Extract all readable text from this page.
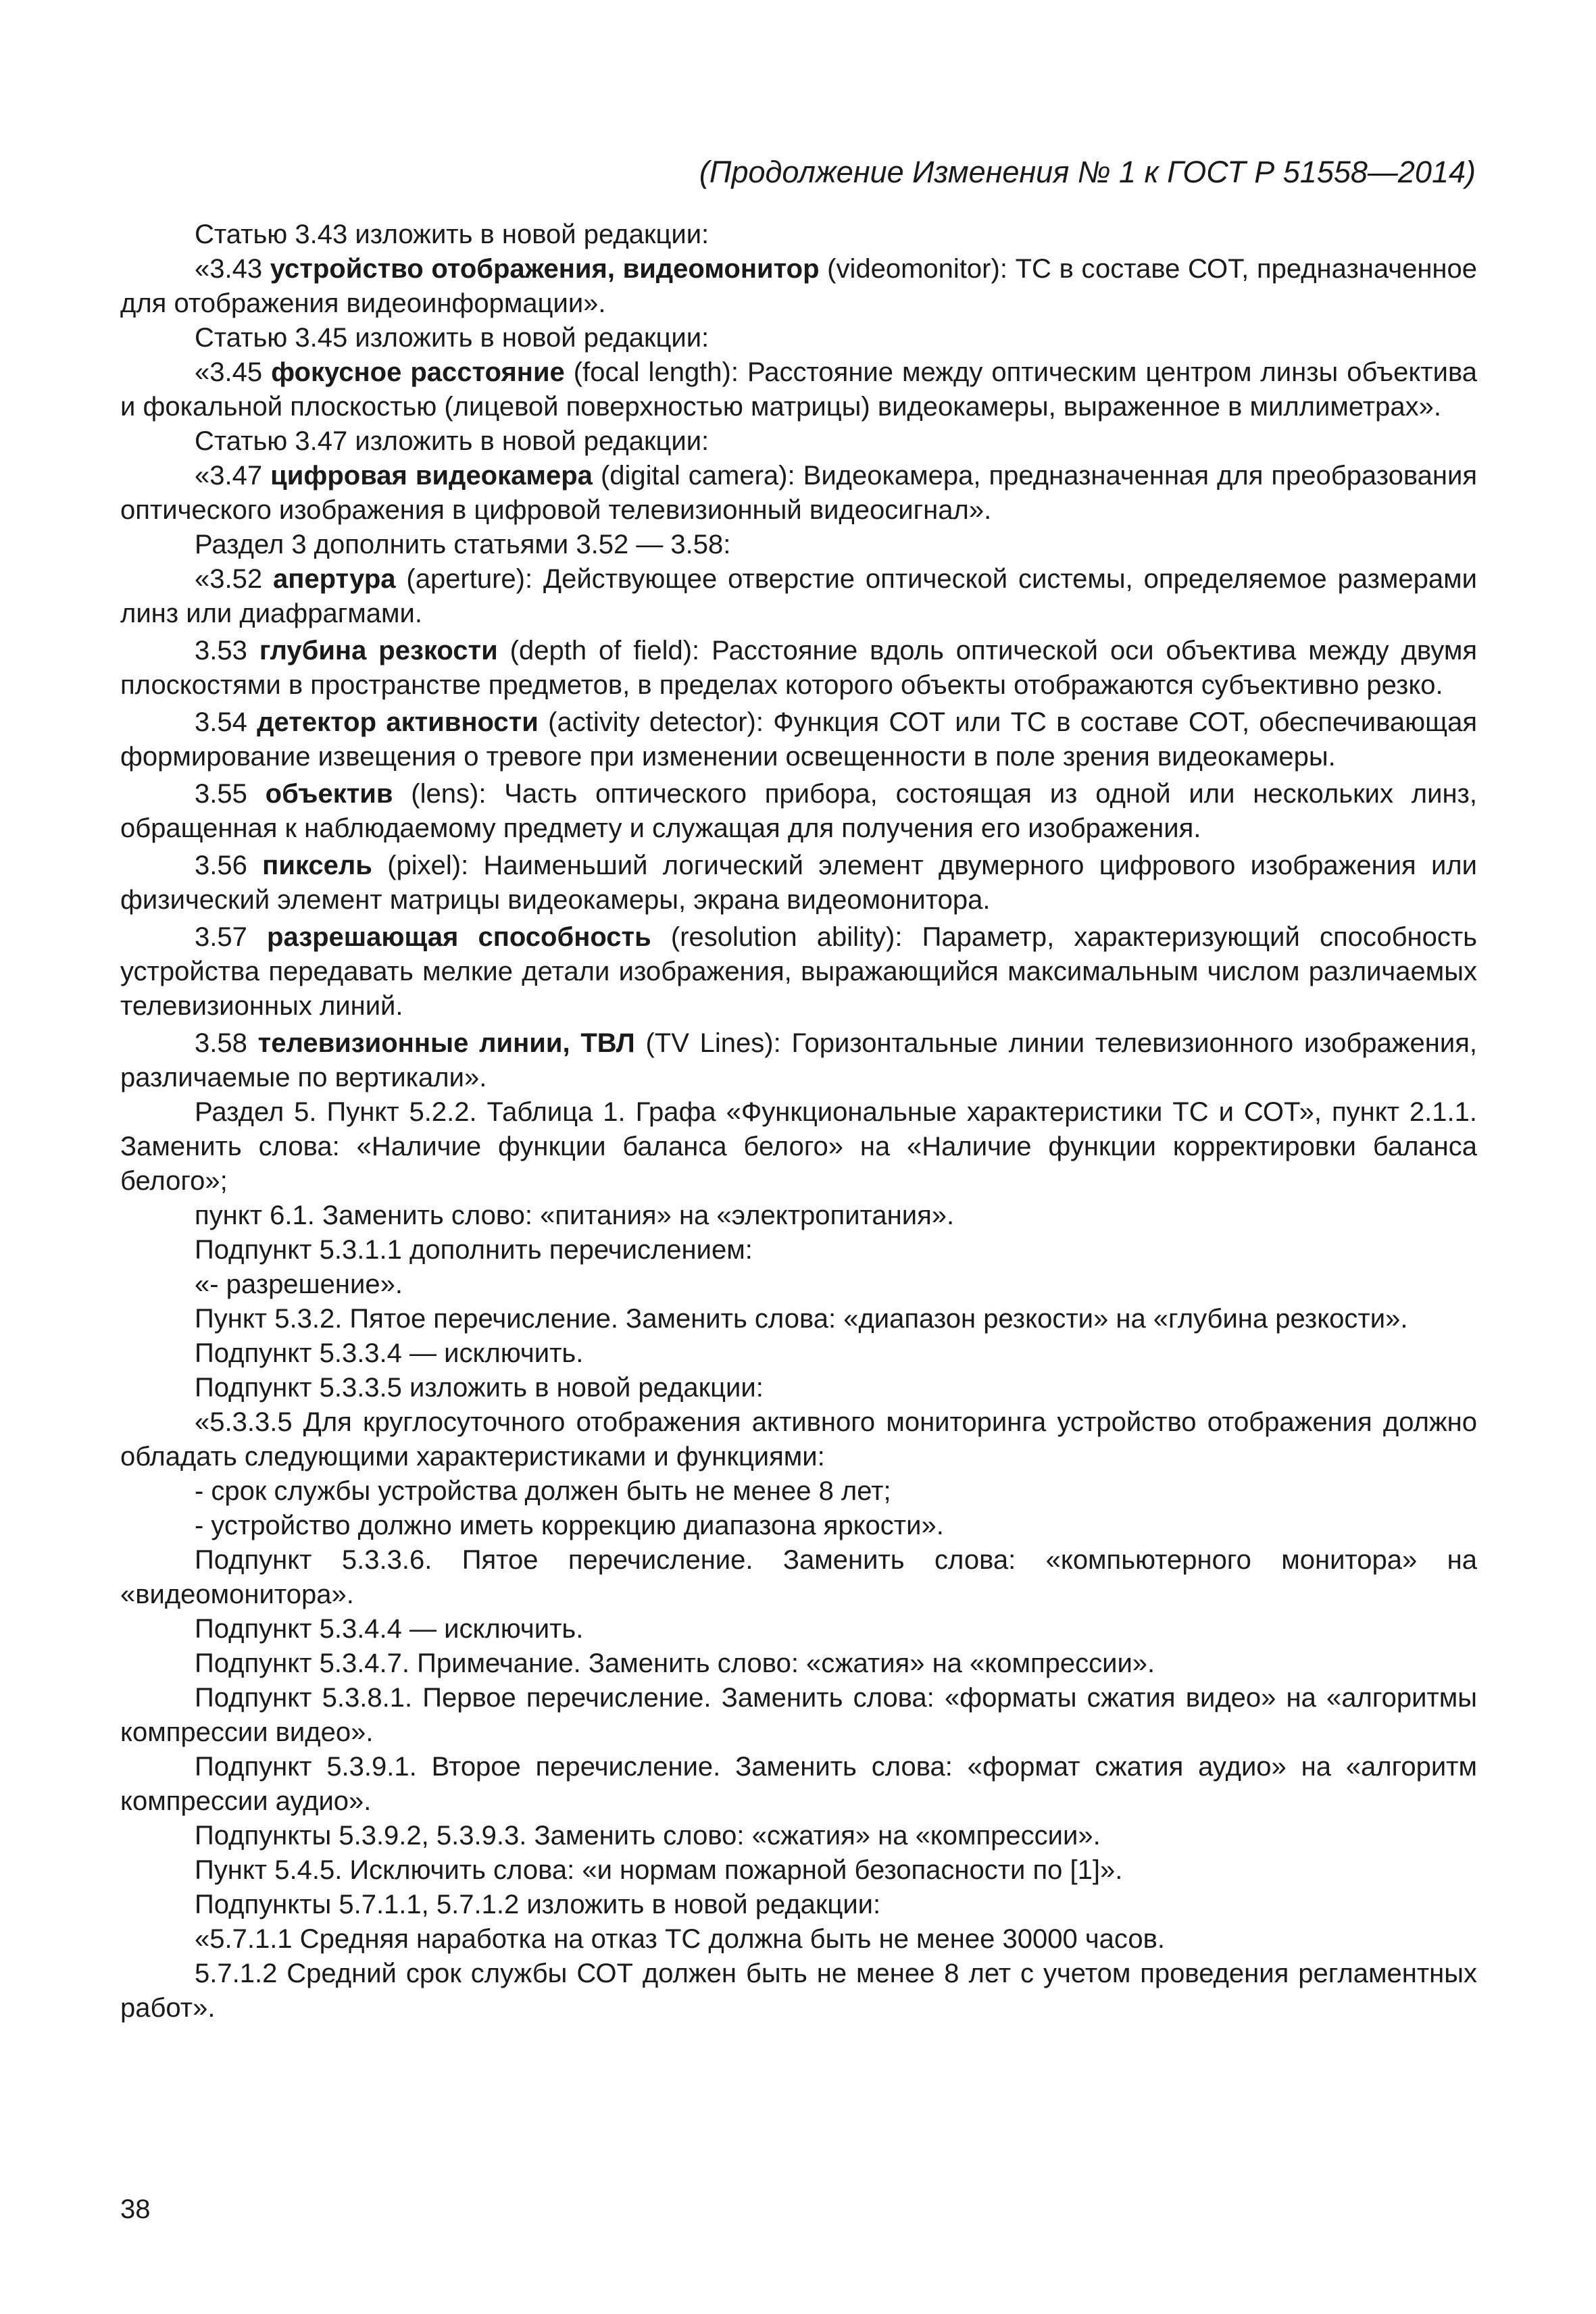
(Продолжение Изменения № 1 к ГОСТ Р 51558—2014)

Статью 3.43 изложить в новой редакции:

«3.43 устройство отображения, видеомонитор (videomonitor): ТС в составе СОТ, предназначенное для отображения видеоинформации».

Статью 3.45 изложить в новой редакции:

«3.45 фокусное расстояние (focal length): Расстояние между оптическим центром линзы объектива и фокальной плоскостью (лицевой поверхностью матрицы) видеокамеры, выраженное в миллиметрах».

Статью 3.47 изложить в новой редакции:

«3.47 цифровая видеокамера (digital camera): Видеокамера, предназначенная для преобразования оптического изображения в цифровой телевизионный видеосигнал».

Раздел 3 дополнить статьями 3.52 — 3.58:

«3.52 апертура (aperture): Действующее отверстие оптической системы, определяемое размерами линз или диафрагмами.

3.53 глубина резкости (depth of field): Расстояние вдоль оптической оси объектива между двумя плоскостями в пространстве предметов, в пределах которого объекты отображаются субъективно резко.

3.54 детектор активности (activity detector): Функция СОТ или ТС в составе СОТ, обеспечивающая формирование извещения о тревоге при изменении освещенности в поле зрения видеокамеры.

3.55 объектив (lens): Часть оптического прибора, состоящая из одной или нескольких линз, обращенная к наблюдаемому предмету и служащая для получения его изображения.

3.56 пиксель (pixel): Наименьший логический элемент двумерного цифрового изображения или физический элемент матрицы видеокамеры, экрана видеомонитора.

3.57 разрешающая способность (resolution ability): Параметр, характеризующий способность устройства передавать мелкие детали изображения, выражающийся максимальным числом различаемых телевизионных линий.

3.58 телевизионные линии, ТВЛ (TV Lines): Горизонтальные линии телевизионного изображения, различаемые по вертикали».

Раздел 5. Пункт 5.2.2. Таблица 1. Графа «Функциональные характеристики ТС и СОТ», пункт 2.1.1. Заменить слова: «Наличие функции баланса белого» на «Наличие функции корректировки баланса белого»;

пункт 6.1. Заменить слово: «питания» на «электропитания».

Подпункт 5.3.1.1 дополнить перечислением:

«- разрешение».

Пункт 5.3.2. Пятое перечисление. Заменить слова: «диапазон резкости» на «глубина резкости».

Подпункт 5.3.3.4 — исключить.

Подпункт 5.3.3.5 изложить в новой редакции:

«5.3.3.5 Для круглосуточного отображения активного мониторинга устройство отображения должно обладать следующими характеристиками и функциями:

- срок службы устройства должен быть не менее 8 лет;

- устройство должно иметь коррекцию диапазона яркости».

Подпункт 5.3.3.6. Пятое перечисление. Заменить слова: «компьютерного монитора» на «видеомонитора».

Подпункт 5.3.4.4 — исключить.

Подпункт 5.3.4.7. Примечание. Заменить слово: «сжатия» на «компрессии».

Подпункт 5.3.8.1. Первое перечисление. Заменить слова: «форматы сжатия видео» на «алгоритмы компрессии видео».

Подпункт 5.3.9.1. Второе перечисление. Заменить слова: «формат сжатия аудио» на «алгоритм компрессии аудио».

Подпункты 5.3.9.2, 5.3.9.3. Заменить слово: «сжатия» на «компрессии».

Пункт 5.4.5. Исключить слова: «и нормам пожарной безопасности по [1]».

Подпункты 5.7.1.1, 5.7.1.2 изложить в новой редакции:

«5.7.1.1 Средняя наработка на отказ ТС должна быть не менее 30000 часов.

5.7.1.2 Средний срок службы СОТ должен быть не менее 8 лет с учетом проведения регламентных работ».

38
